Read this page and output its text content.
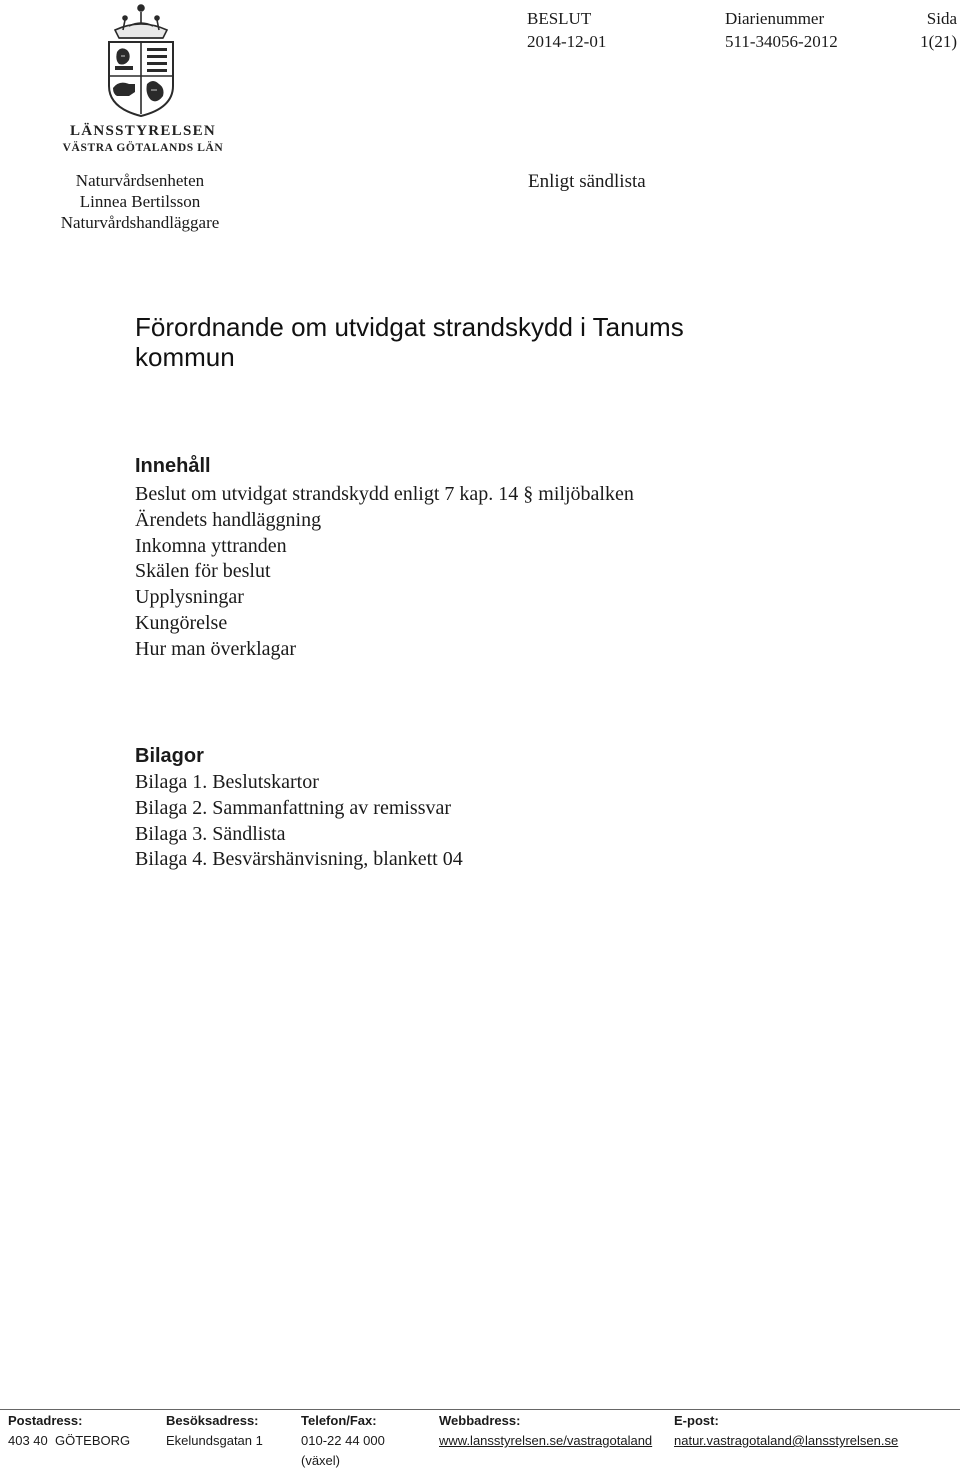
BESLUT
2014-12-01
Diarienummer
511-34056-2012
Sida
1(21)
LÄNSSTYRELSEN
VÄSTRA GÖTALANDS LÄN
Naturvårdsenheten
Linnea Bertilsson
Naturvårdshandläggare
Enligt sändlista
Förordnande om utvidgat strandskydd i Tanums
kommun
Innehåll
Beslut om utvidgat strandskydd enligt 7 kap. 14 § miljöbalken
Ärendets handläggning
Inkomna yttranden
Skälen för beslut
Upplysningar
Kungörelse
Hur man överklagar
Bilagor
Bilaga 1. Beslutskartor
Bilaga 2. Sammanfattning av remissvar
Bilaga 3. Sändlista
Bilaga 4. Besvärshänvisning, blankett 04
Postadress:
403 40  GÖTEBORG
Besöksadress:
Ekelundsgatan 1
Telefon/Fax:
010-22 44 000
(växel)
Webbadress:
www.lansstyrelsen.se/vastragotaland
E-post:
natur.vastragotaland@lansstyrelsen.se
